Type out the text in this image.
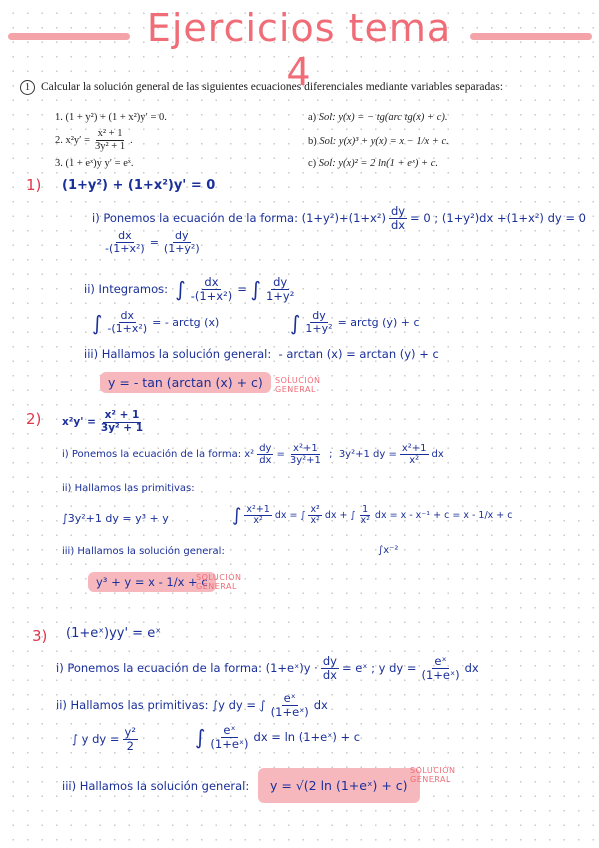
Ejercicios tema 4
1 Calcular la solución general de las siguientes ecuaciones diferenciales mediante variables separadas:
1. (1 + y²) + (1 + x²)y′ = 0.
2.
$x^2y' = \frac{\text{x² + 1}}{\text{3y² + 1}}$ .
3. (1 + eˣ)y y′ = eˣ.
a) Sol: y(x) = − tg(arc tg(x) + c).
b) Sol: y(x)³ + y(x) = x − 1/x + c.
c) Sol: y(x)² = 2 ln(1 + eˣ) + c.
1) (1+y²) + (1+x²)y' = 0
i) Ponemos la ecuación de la forma:
$(1+y^2)+(1+x^2) \frac{dy}{dx} = 0$ ; (1+y²)dx +(1+x²) dy = 0
$\frac{dx}{\text{-(1+x²)}} = \frac{dy}{\text{(1+y²)}}$
ii) Integramos:
∫ $\frac{dx}{\text{-(1+x²)}}$ =
∫ $\frac{dy}{\text{1+y²}}$
∫ $\frac{dx}{\text{-(1+x²)}}$ = - arctg (x)	∫ $\frac{dy}{\text{1+y²}}$ = arctg (y) + c
iii) Hallamos la solución general: - arctan (x) = arctan (y) + c
y = - tan (arctan (x) + c)	SOLUCIÓN
GENERAL
2) $x^2y' = \frac{\text{x² + 1}}{\text{3y² + 1}}$
i) Ponemos la ecuación de la forma:
$x^2 \frac{dy}{dx} = \frac{\text{x²+1}}{\text{3y²+1}}$
;
3y²+1 dy = $\frac{\text{x²+1}}{\text{x²}}$ dx
ii) Hallamos las primitivas:
∫3y²+1 dy = y³ + y	∫ $\frac{\text{x²+1}}{\text{x²}}$ dx = ∫ $\frac{\text{x²}}{\text{x²}}$ dx + ∫ $\frac{1}{\text{x²}}$ dx = x - x⁻¹ + c = x - 1/x + c
∫x⁻²
iii) Hallamos la solución general:
y³ + y = x - 1/x + c
SOLUCIÓN
GENERAL
3) (1+eˣ)yy' = eˣ
i) Ponemos la ecuación de la forma:
(1+eˣ)y · $\frac{dy}{dx}$ = eˣ ; y dy = $\frac{\text{eˣ}}{\text{(1+eˣ)}}$ dx
ii) Hallamos las primitivas:
∫y dy = ∫ $\frac{\text{eˣ}}{\text{(1+eˣ)}}$ dx
∫ y dy = $\frac{\text{y²}}{2}$	∫ $\frac{\text{eˣ}}{\text{(1+eˣ)}}$ dx = ln (1+eˣ) + c
iii) Hallamos la solución general:	y = √(2 ln (1+eˣ) + c)
SOLUCIÓN
GENERAL
